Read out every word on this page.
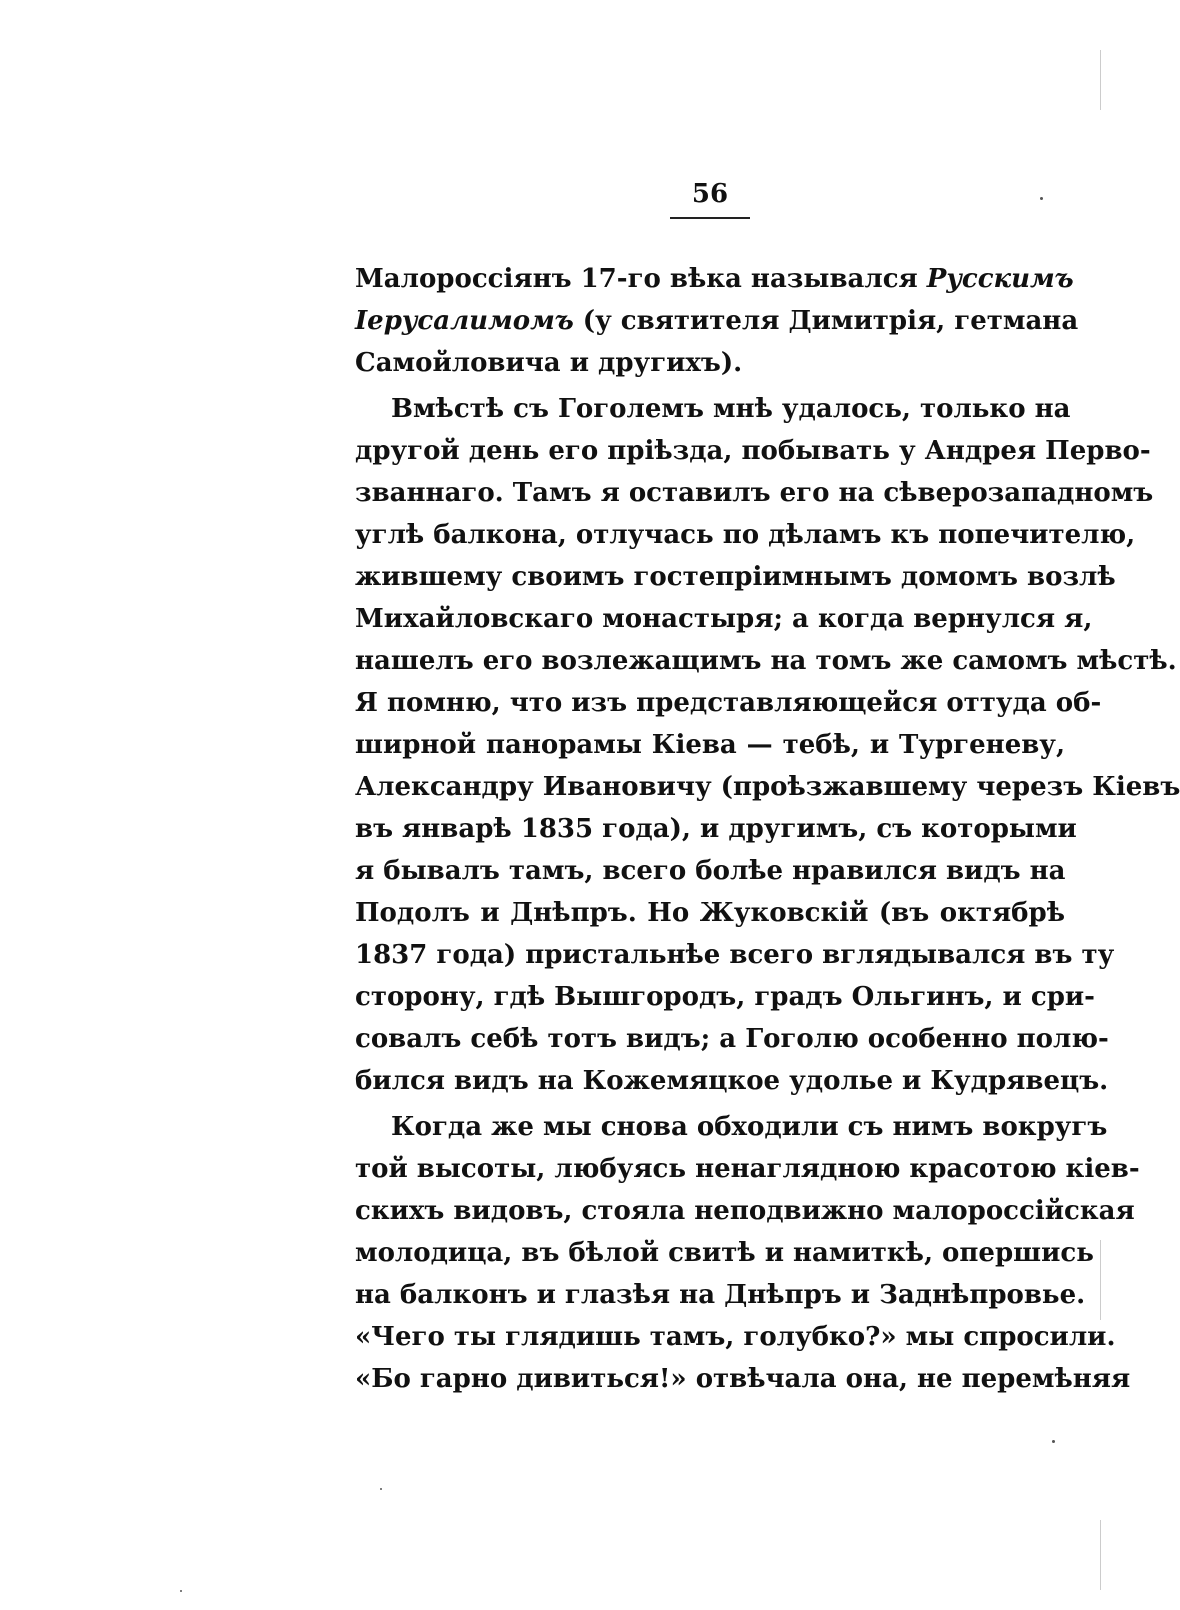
56
Малороссіянъ 17-го вѣка назывался Русскимъ
Іерусалимомъ (у святителя Димитрія, гетмана
Самойловича и другихъ).
Вмѣстѣ съ Гоголемъ мнѣ удалось, только на
другой день его пріѣзда, побывать у Андрея Перво-
званнаго. Тамъ я оставилъ его на сѣверозападномъ
углѣ балкона, отлучась по дѣламъ къ попечителю,
жившему своимъ гостепріимнымъ домомъ возлѣ
Михайловскаго монастыря; а когда вернулся я,
нашелъ его возлежащимъ на томъ же самомъ мѣстѣ.
Я помню, что изъ представляющейся оттуда об-
ширной панорамы Кіева — тебѣ, и Тургеневу,
Александру Ивановичу (проѣзжавшему черезъ Кіевъ
въ январѣ 1835 года), и другимъ, съ которыми
я бывалъ тамъ, всего болѣе нравился видъ на
Подолъ и Днѣпръ. Но Жуковскій (въ октябрѣ
1837 года) пристальнѣе всего вглядывался въ ту
сторону, гдѣ Вышгородъ, градъ Ольгинъ, и сри-
совалъ себѣ тотъ видъ; а Гоголю особенно полю-
бился видъ на Кожемяцкое удолье и Кудрявецъ.
Когда же мы снова обходили съ нимъ вокругъ
той высоты, любуясь ненаглядною красотою кіев-
скихъ видовъ, стояла неподвижно малороссійская
молодица, въ бѣлой свитѣ и намиткѣ, опершись
на балконъ и глазѣя на Днѣпръ и Заднѣпровье.
«Чего ты глядишь тамъ, голубко?» мы спросили.
«Бо гарно дивиться!» отвѣчала она, не перемѣняя
